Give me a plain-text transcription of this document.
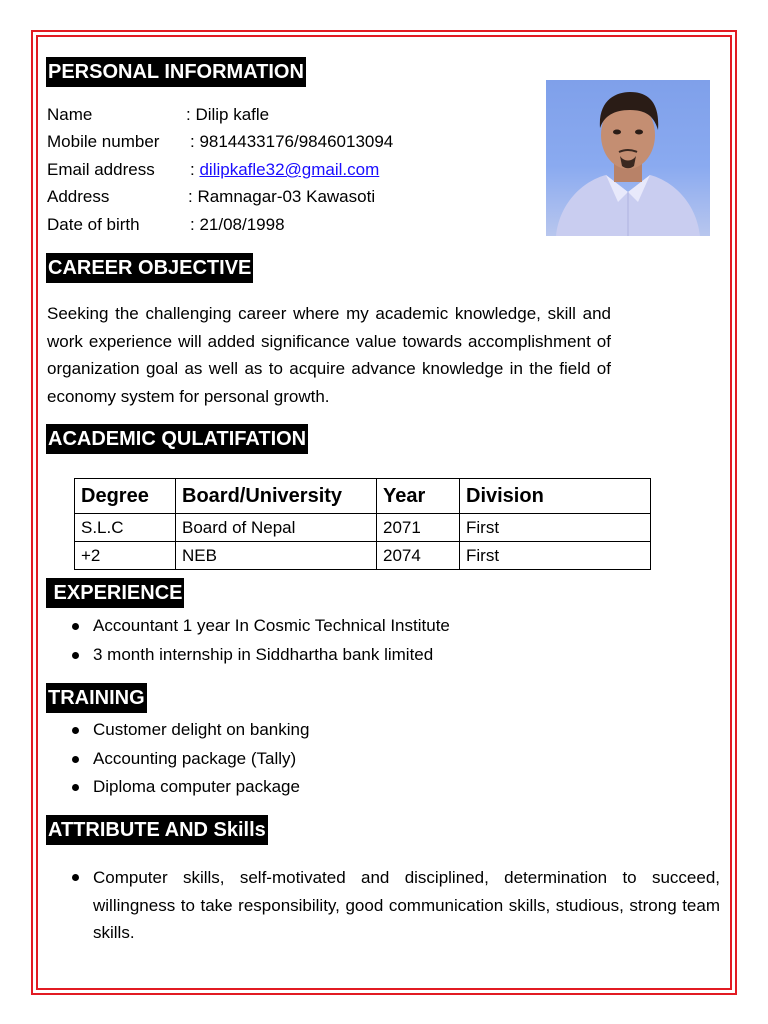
PERSONAL INFORMATION
Name	: Dilip kafle
Mobile number : 9814433176/9846013094
Email address : dilipkafle32@gmail.com
Address	: Ramnagar-03 Kawasoti
Date of birth	: 21/08/1998
CAREER OBJECTIVE
Seeking the challenging career where my academic knowledge, skill and work experience will added significance value towards accomplishment of organization goal as well as to acquire advance knowledge in the field of economy system for personal growth.
ACADEMIC QULATIFATION
Degree	Board/University	Year	Division
S.L.C	Board of Nepal	2071	First
+2	NEB	2074	First
EXPERIENCE
Accountant 1 year In Cosmic Technical Institute
3 month internship in Siddhartha bank limited
TRAINING
Customer delight on banking
Accounting package (Tally)
Diploma computer package
ATTRIBUTE AND Skills
Computer skills, self-motivated and disciplined, determination to succeed, willingness to take responsibility, good communication skills, studious, strong team skills.
